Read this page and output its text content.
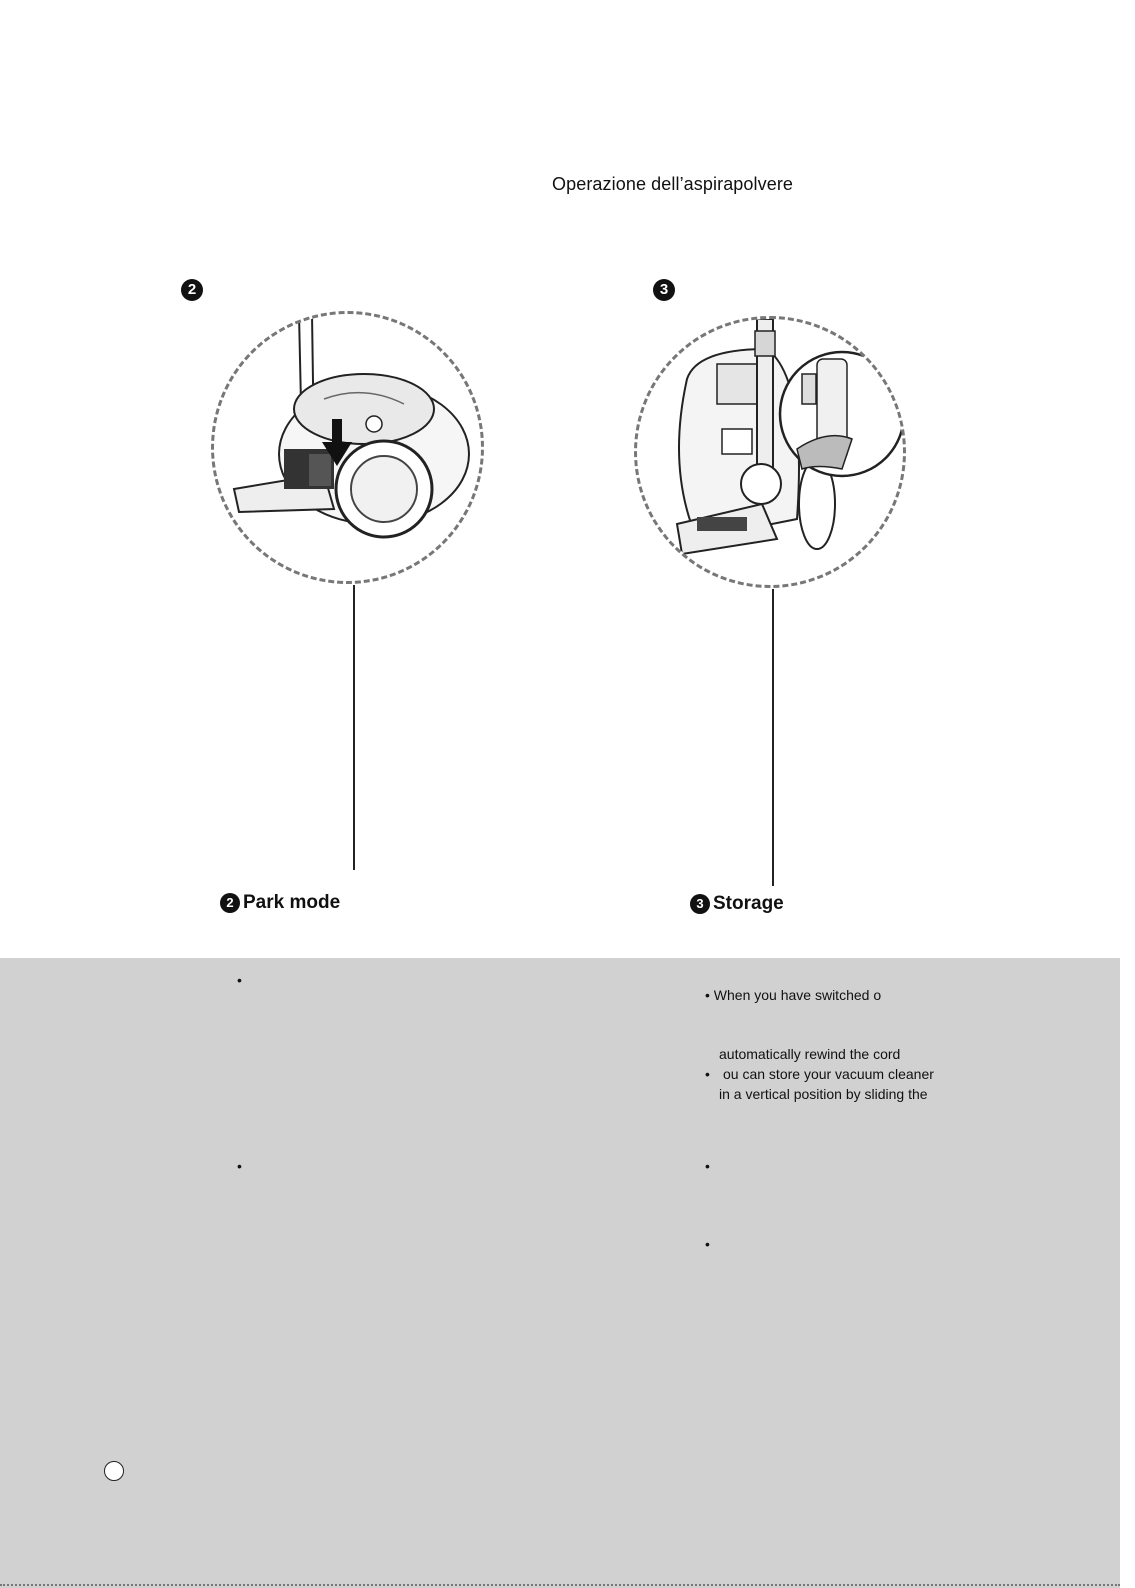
Operazione dell’aspirapolvere
2	3
2 Park mode	3 Storage
•
•
• When you have switched o
automatically rewind the cord
• ou can store your vacuum cleaner
in a vertical position by sliding the
•
•
